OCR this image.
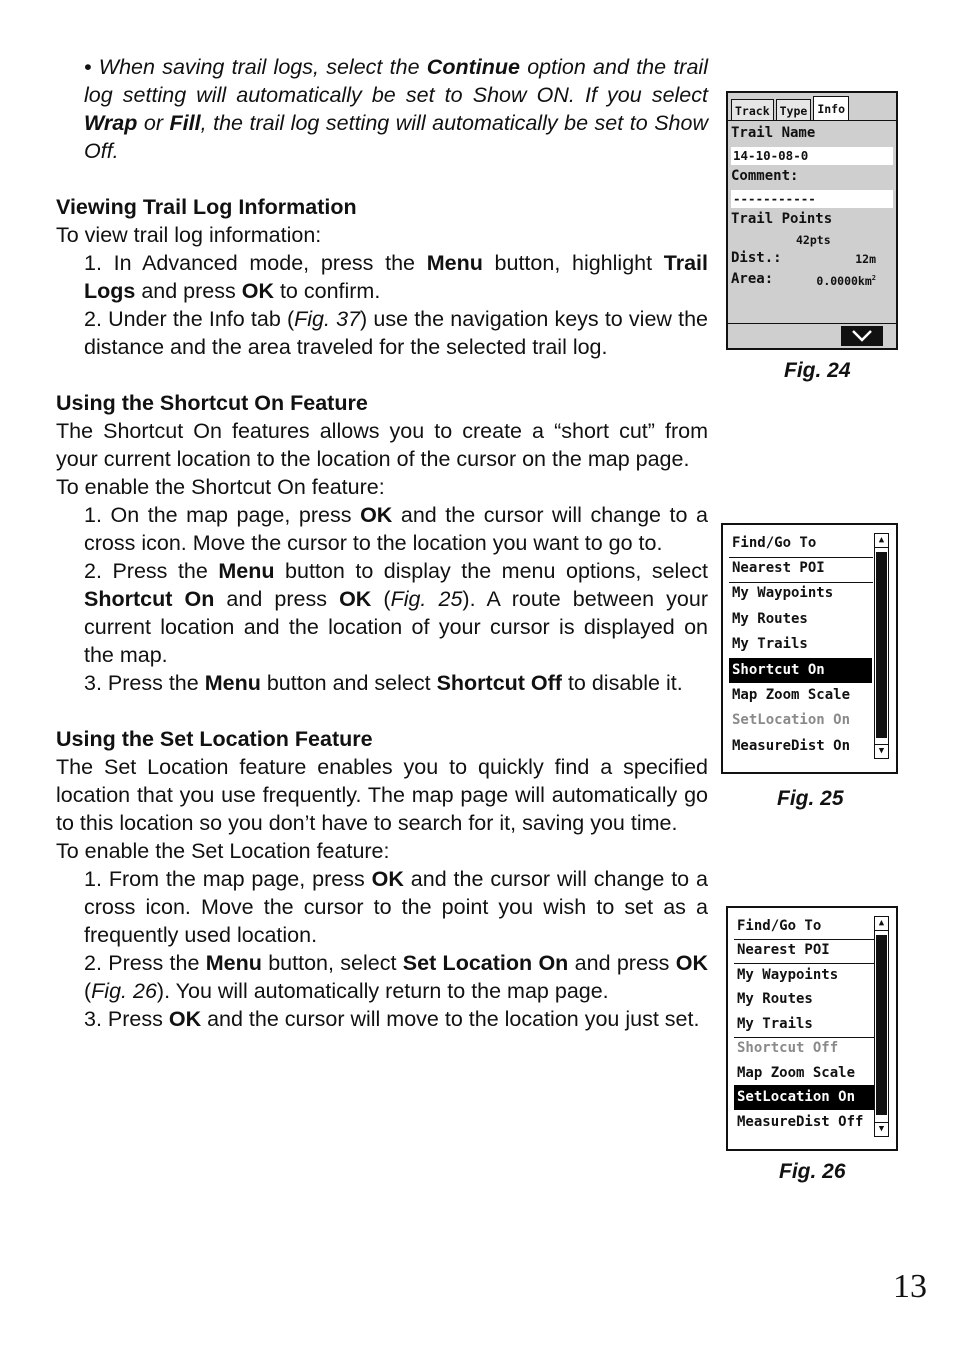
• When saving trail logs, select the Continue option and the trail log setting will automatically be set to Show ON. If you select Wrap or Fill, the trail log setting will automatically be set to Show Off.

Viewing Trail Log Information

To view trail log information:

1. In Advanced mode, press the Menu button, highlight Trail Logs and press OK to confirm.

2. Under the Info tab (Fig. 37) use the navigation keys to view the distance and the area traveled for the selected trail log.

Using the Shortcut On Feature

The Shortcut On features allows you to create a “short cut” from your current location to the location of the cursor on the map page.

To enable the Shortcut On feature:

1. On the map page, press OK and the cursor will change to a cross icon. Move the cursor to the location you want to go to.

2. Press the Menu button to display the menu options, select Shortcut On and press OK (Fig. 25). A route between your current location and the location of your cursor is displayed on the map.

3. Press the Menu button and select Shortcut Off to disable it.

Using the Set Location Feature

The Set Location feature enables you to quickly find a specified location that you use frequently. The map page will automatically go to this location so you don’t have to search for it, saving you time.

To enable the Set Location feature:

1. From the map page, press OK and the cursor will change to a cross icon. Move the cursor to the point you wish to set as a frequently used location.

2. Press the Menu button, select Set Location On and press OK (Fig. 26). You will automatically return to the map page.

3. Press OK and the cursor will move to the location you just set.

Track Type Info
Trail Name
14-10-08-0
Comment:
-----------
Trail Points
42pts
Dist.:	12m
Area:	$0.0000km^2$
Fig. 24
Find/Go To
Nearest POI
My Waypoints
My Routes
My Trails
Shortcut On
Map Zoom Scale
SetLocation On
MeasureDist On
▲
▼
Fig. 25
Find/Go To
Nearest POI
My Waypoints
My Routes
My Trails
Shortcut Off
Map Zoom Scale
SetLocation On
MeasureDist Off
▲
▼
Fig. 26
13
